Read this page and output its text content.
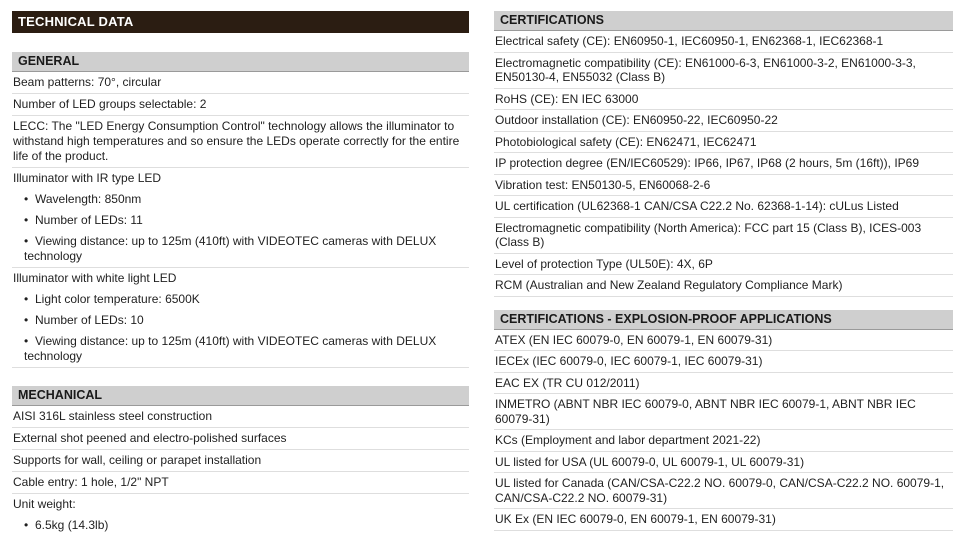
TECHNICAL DATA
GENERAL
Beam patterns: 70°, circular
Number of LED groups selectable: 2
LECC: The "LED Energy Consumption Control" technology allows the illuminator to withstand high temperatures and so ensure the LEDs operate correctly for the entire life of the product.
Illuminator with IR type LED
• Wavelength: 850nm
• Number of LEDs: 11
• Viewing distance: up to 125m (410ft) with VIDEOTEC cameras with DELUX technology
Illuminator with white light LED
• Light color temperature: 6500K
• Number of LEDs: 10
• Viewing distance: up to 125m (410ft) with VIDEOTEC cameras with DELUX technology
MECHANICAL
AISI 316L stainless steel construction
External shot peened and electro-polished surfaces
Supports for wall, ceiling or parapet installation
Cable entry: 1 hole, 1/2" NPT
Unit weight:
• 6.5kg (14.3lb)
CERTIFICATIONS
Electrical safety (CE): EN60950-1, IEC60950-1, EN62368-1, IEC62368-1
Electromagnetic compatibility (CE): EN61000-6-3, EN61000-3-2, EN61000-3-3, EN50130-4, EN55032 (Class B)
RoHS (CE): EN IEC 63000
Outdoor installation (CE): EN60950-22, IEC60950-22
Photobiological safety (CE): EN62471, IEC62471
IP protection degree (EN/IEC60529): IP66, IP67, IP68 (2 hours, 5m (16ft)), IP69
Vibration test: EN50130-5, EN60068-2-6
UL certification (UL62368-1 CAN/CSA C22.2 No. 62368-1-14): cULus Listed
Electromagnetic compatibility (North America): FCC part 15 (Class B), ICES-003 (Class B)
Level of protection Type (UL50E): 4X, 6P
RCM (Australian and New Zealand Regulatory Compliance Mark)
CERTIFICATIONS - EXPLOSION-PROOF APPLICATIONS
ATEX (EN IEC 60079-0, EN 60079-1, EN 60079-31)
IECEx (IEC 60079-0, IEC 60079-1, IEC 60079-31)
EAC EX (TR CU 012/2011)
INMETRO (ABNT NBR IEC 60079-0, ABNT NBR IEC 60079-1, ABNT NBR IEC 60079-31)
KCs (Employment and labor department 2021-22)
UL listed for USA (UL 60079-0, UL 60079-1, UL 60079-31)
UL listed for Canada (CAN/CSA-C22.2 NO. 60079-0, CAN/CSA-C22.2 NO. 60079-1, CAN/CSA-C22.2 NO. 60079-31)
UK Ex (EN IEC 60079-0, EN 60079-1, EN 60079-31)
